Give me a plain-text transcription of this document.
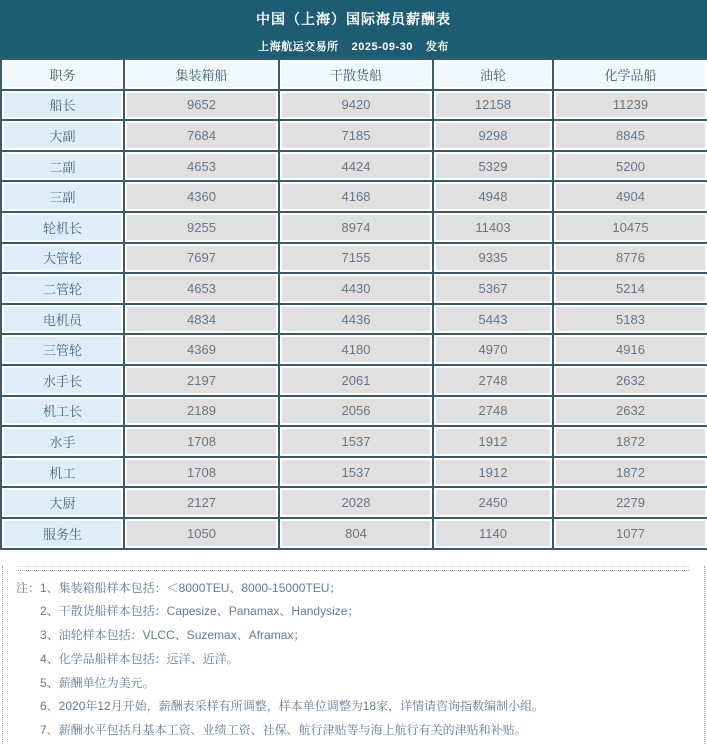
中国（上海）国际海员薪酬表
上海航运交易所 2025-09-30 发布
职务	集装箱船	干散货船	油轮	化学品船
船长	9652	9420	12158	11239
大副	7684	7185	9298	8845
二副	4653	4424	5329	5200
三副	4360	4168	4948	4904
轮机长	9255	8974	11403	10475
大管轮	7697	7155	9335	8776
二管轮	4653	4430	5367	5214
电机员	4834	4436	5443	5183
三管轮	4369	4180	4970	4916
水手长	2197	2061	2748	2632
机工长	2189	2056	2748	2632
水手	1708	1537	1912	1872
机工	1708	1537	1912	1872
大厨	2127	2028	2450	2279
服务生	1050	804	1140	1077
注： 1、集装箱船样本包括：＜8000TEU、8000-15000TEU；
2、干散货船样本包括：Capesize、Panamax、Handysize；
3、油轮样本包括：VLCC、Suzemax、Aframax；
4、化学品船样本包括：远洋、近洋。
5、薪酬单位为美元。
6、2020年12月开始，薪酬表采样有所调整，样本单位调整为18家，详情请咨询指数编制小组。
7、薪酬水平包括月基本工资、业绩工资、社保、航行津贴等与海上航行有关的津贴和补贴。
